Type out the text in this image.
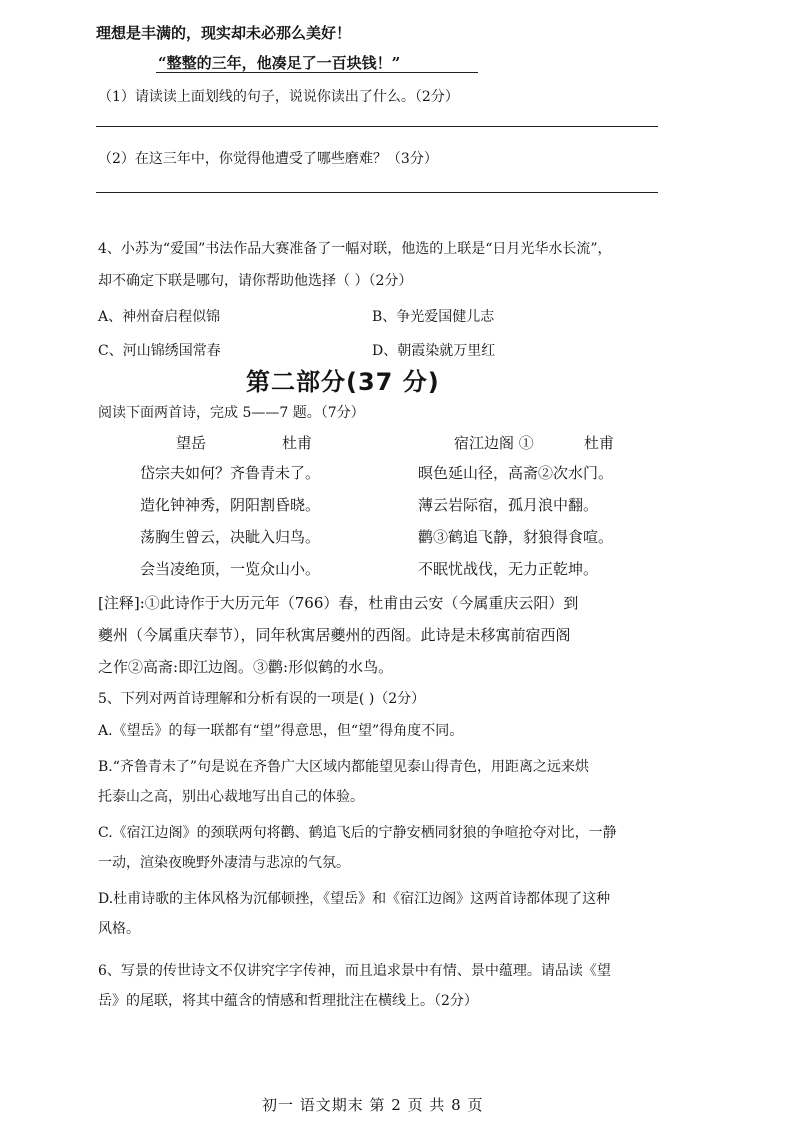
理想是丰满的，现实却未必那么美好！
“整整的三年，他凑足了一百块钱！”
（1）请读读上面划线的句子，说说你读出了什么。（2分）
（2）在这三年中，你觉得他遭受了哪些磨难？（3分）
4、小苏为“爱国”书法作品大赛准备了一幅对联，他选的上联是“日月光华水长流”，
却不确定下联是哪句，请你帮助他选择（ ）（2分）
A、神州奋启程似锦	B、争光爱国健儿志
C、河山锦绣国常春	D、朝霞染就万里红
第二部分(37 分)
阅读下面两首诗，完成 5——7 题。（7分）
望岳	杜甫	宿江边阁 ①	杜甫
岱宗夫如何？齐鲁青未了。
造化钟神秀，阴阳割昏晓。
荡胸生曾云，决眦入归鸟。
会当凌绝顶，一览众山小。
暝色延山径，高斋②次水门。
薄云岩际宿，孤月浪中翻。
鹳③鹤追飞静，豺狼得食喧。
不眠忧战伐，无力正乾坤。
[注释]:①此诗作于大历元年（766）春，杜甫由云安（今属重庆云阳）到
夔州（今属重庆奉节），同年秋寓居夔州的西阁。此诗是未移寓前宿西阁
之作②高斋:即江边阁。③鹳:形似鹤的水鸟。
5、下列对两首诗理解和分析有误的一项是( )（2分）
A.《望岳》的每一联都有“望”得意思，但“望”得角度不同。
B.“齐鲁青未了”句是说在齐鲁广大区域内都能望见泰山得青色，用距离之远来烘
托泰山之高，别出心裁地写出自己的体验。
C.《宿江边阁》的颈联两句将鹳、鹤追飞后的宁静安栖同豺狼的争喧抢夺对比，一静
一动，渲染夜晚野外凄清与悲凉的气氛。
D.杜甫诗歌的主体风格为沉郁顿挫，《望岳》和《宿江边阁》这两首诗都体现了这种
风格。
6、写景的传世诗文不仅讲究字字传神，而且追求景中有情、景中蕴理。请品读《望
岳》的尾联，将其中蕴含的情感和哲理批注在横线上。（2分）
初一 语文期末 第 2 页 共 8 页
